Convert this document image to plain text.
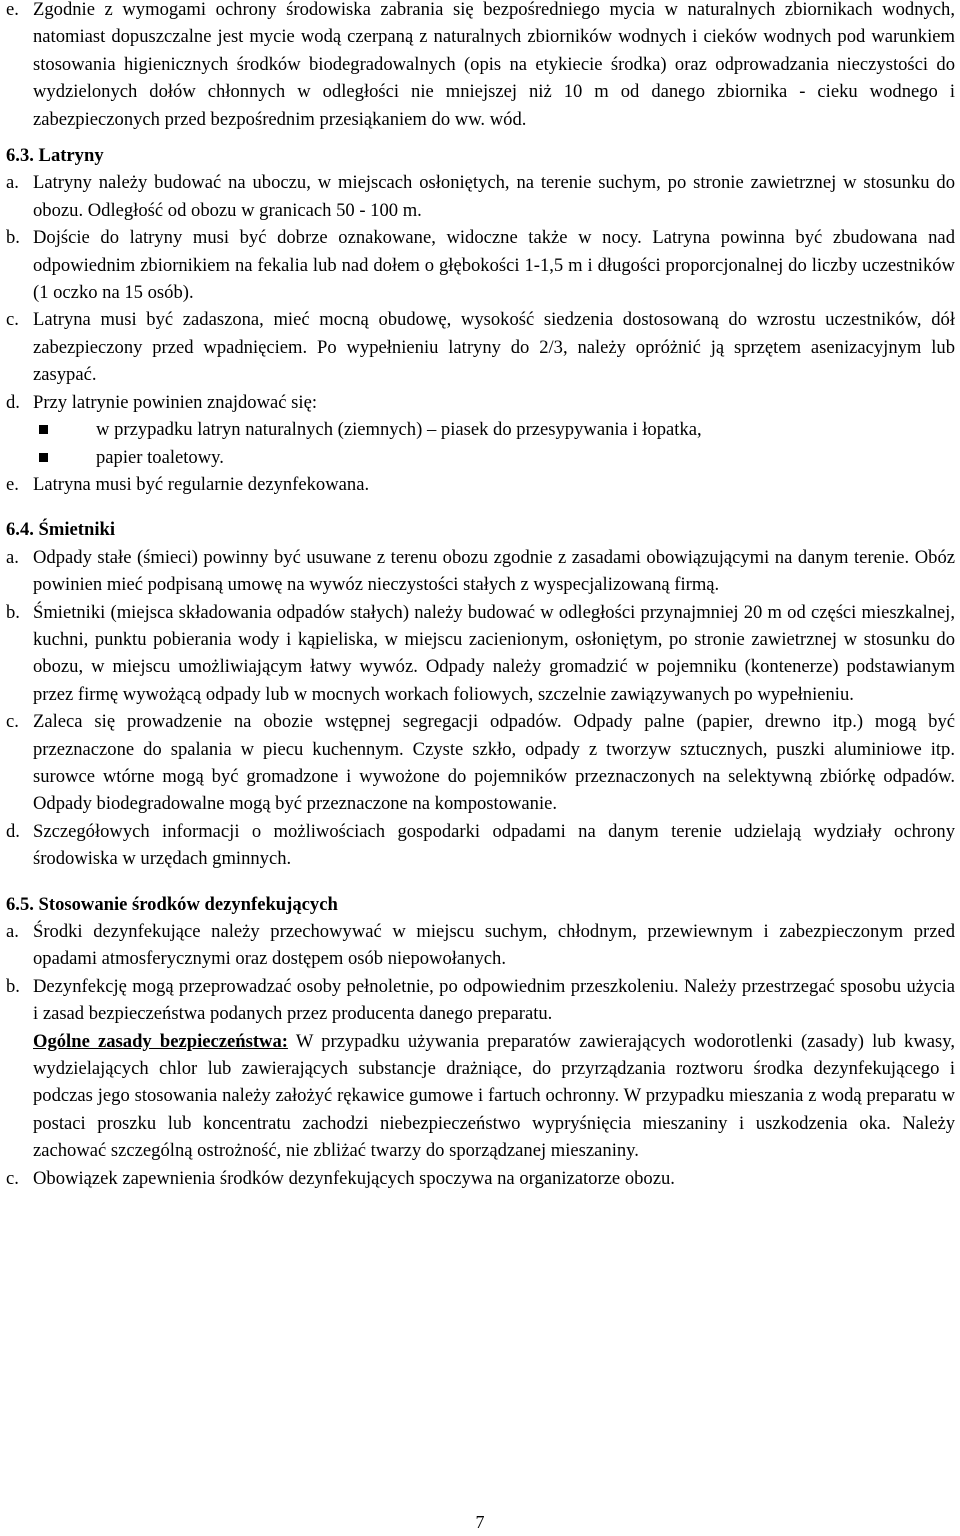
e. Zgodnie z wymogami ochrony środowiska zabrania się bezpośredniego mycia w naturalnych zbiornikach wodnych, natomiast dopuszczalne jest mycie wodą czerpaną z naturalnych zbiorników wodnych i cieków wodnych pod warunkiem stosowania higienicznych środków biodegradowalnych (opis na etykiecie środka) oraz odprowadzania nieczystości do wydzielonych dołów chłonnych w odległości nie mniejszej niż 10 m od danego zbiornika - cieku wodnego i zabezpieczonych przed bezpośrednim przesiąkaniem do ww. wód.
6.3. Latryny
a. Latryny należy budować na uboczu, w miejscach osłoniętych, na terenie suchym, po stronie zawietrznej w stosunku do obozu. Odległość od obozu w granicach 50 - 100 m.
b. Dojście do latryny musi być dobrze oznakowane, widoczne także w nocy. Latryna powinna być zbudowana nad odpowiednim zbiornikiem na fekalia lub nad dołem o głębokości 1-1,5 m i długości proporcjonalnej do liczby uczestników (1 oczko na 15 osób).
c. Latryna musi być zadaszona, mieć mocną obudowę, wysokość siedzenia dostosowaną do wzrostu uczestników, dół zabezpieczony przed wpadnięciem. Po wypełnieniu latryny do 2/3, należy opróżnić ją sprzętem asenizacyjnym lub zasypać.
d. Przy latrynie powinien znajdować się:
w przypadku latryn naturalnych (ziemnych) – piasek do przesypywania i łopatka,
papier toaletowy.
e. Latryna musi być regularnie dezynfekowana.
6.4. Śmietniki
a. Odpady stałe (śmieci) powinny być usuwane z terenu obozu zgodnie z zasadami obowiązującymi na danym terenie. Obóz powinien mieć podpisaną umowę na wywóz nieczystości stałych z wyspecjalizowaną firmą.
b. Śmietniki (miejsca składowania odpadów stałych) należy budować w odległości przynajmniej 20 m od części mieszkalnej, kuchni, punktu pobierania wody i kąpieliska, w miejscu zacienionym, osłoniętym, po stronie zawietrznej w stosunku do obozu, w miejscu umożliwiającym łatwy wywóz. Odpady należy gromadzić w pojemniku (kontenerze) podstawianym przez firmę wywożącą odpady lub w mocnych workach foliowych, szczelnie zawiązywanych po wypełnieniu.
c. Zaleca się prowadzenie na obozie wstępnej segregacji odpadów. Odpady palne (papier, drewno itp.) mogą być przeznaczone do spalania w piecu kuchennym. Czyste szkło, odpady z tworzyw sztucznych, puszki aluminiowe itp. surowce wtórne mogą być gromadzone i wywożone do pojemników przeznaczonych na selektywną zbiórkę odpadów. Odpady biodegradowalne mogą być przeznaczone na kompostowanie.
d. Szczegółowych informacji o możliwościach gospodarki odpadami na danym terenie udzielają wydziały ochrony środowiska w urzędach gminnych.
6.5. Stosowanie środków dezynfekujących
a. Środki dezynfekujące należy przechowywać w miejscu suchym, chłodnym, przewiewnym i zabezpieczonym przed opadami atmosferycznymi oraz dostępem osób niepowołanych.
b. Dezynfekcję mogą przeprowadzać osoby pełnoletnie, po odpowiednim przeszkoleniu. Należy przestrzegać sposobu użycia i zasad bezpieczeństwa podanych przez producenta danego preparatu.
Ogólne zasady bezpieczeństwa: W przypadku używania preparatów zawierających wodorotlenki (zasady) lub kwasy, wydzielających chlor lub zawierających substancje drażniące, do przyrządzania roztworu środka dezynfekującego i podczas jego stosowania należy założyć rękawice gumowe i fartuch ochronny. W przypadku mieszania z wodą preparatu w postaci proszku lub koncentratu zachodzi niebezpieczeństwo wypryśnięcia mieszaniny i uszkodzenia oka. Należy zachować szczególną ostrożność, nie zbliżać twarzy do sporządzanej mieszaniny.
c. Obowiązek zapewnienia środków dezynfekujących spoczywa na organizatorze obozu.
7
